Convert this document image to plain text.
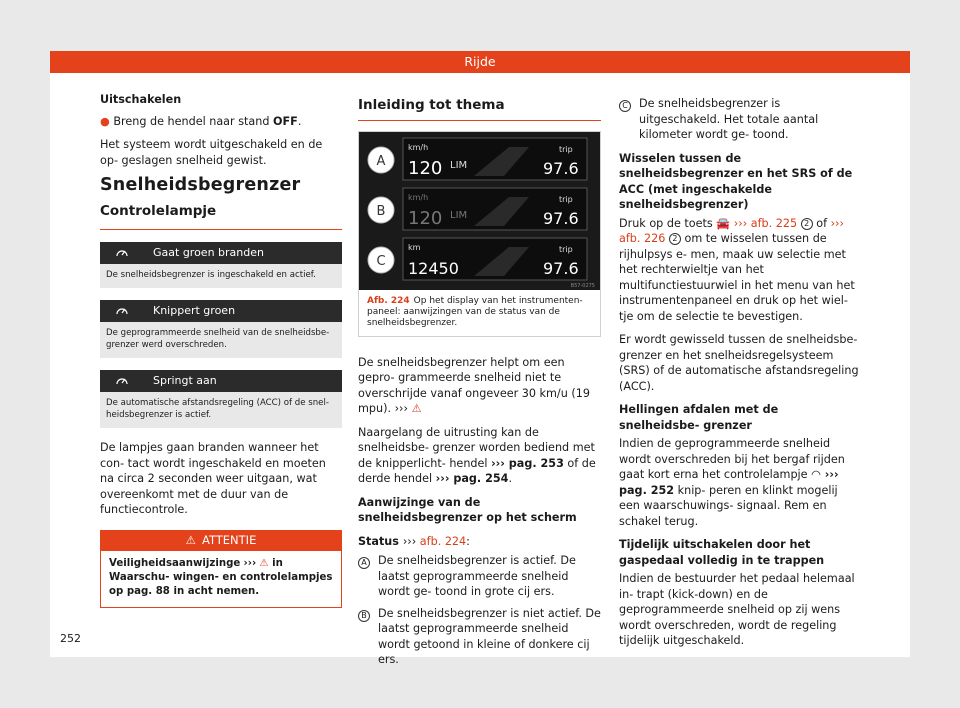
Rijde

Uitschakelen

● Breng de hendel naar stand OFF.

Het systeem wordt uitgeschakeld en de op- geslagen snelheid gewist.

Snelheidsbegrenzer
Controlelampje
Gaat groen branden
De snelheidsbegrenzer is ingeschakeld en actief.
Knippert groen
De geprogrammeerde snelheid van de snelheidsbe- grenzer werd overschreden.
Springt aan
De automatische afstandsregeling (ACC) of de snel- heidsbegrenzer is actief.

De lampjes gaan branden wanneer het con- tact wordt ingeschakeld en moeten na circa 2 seconden weer uitgaan, wat overeenkomt met de duur van de functiecontrole.

⚠ ATTENTIE
Veiligheidsaanwijzinge ››› ⚠ in Waarschu- wingen- en controlelampjes op pag. 88 in acht nemen.
252
Inleiding tot thema
A
km/h
120 LIM
trip
97.6
B
km/h
120 LIM
trip
97.6
C
km
12450
trip
97.6
B57-0275
Afb. 224 Op het display van het instrumenten- paneel: aanwijzingen van de status van de snelheidsbegrenzer.

De snelheidsbegrenzer helpt om een gepro- grammeerde snelheid niet te overschrijde vanaf ongeveer 30 km/u (19 mpu). ››› ⚠

Naargelang de uitrusting kan de snelheidsbe- grenzer worden bediend met de knipperlicht- hendel ››› pag. 253 of de derde hendel ››› pag. 254.

Aanwijzinge van de snelheidsbegrenzer op het scherm

Status ››› afb. 224:

A	De snelheidsbegrenzer is actief. De laatst geprogrammeerde snelheid wordt ge- toond in grote cij ers.
B	De snelheidsbegrenzer is niet actief. De laatst geprogrammeerde snelheid wordt getoond in kleine of donkere cij ers.
C	De snelheidsbegrenzer is uitgeschakeld. Het totale aantal kilometer wordt ge- toond.

Wisselen tussen de snelheidsbegrenzer en het SRS of de ACC (met ingeschakelde snelheidsbegrenzer)

Druk op de toets 🚘 ››› afb. 225 2 of ››› afb. 226 2 om te wisselen tussen de rijhulpsys e- men, maak uw selectie met het rechterwieltje van het multifunctiestuurwiel in het menu van het instrumentenpaneel en druk op het wiel- tje om de selectie te bevestigen.

Er wordt gewisseld tussen de snelheidsbe- grenzer en het snelheidsregelsysteem (SRS) of de automatische afstandsregeling (ACC).

Hellingen afdalen met de snelheidsbe- grenzer

Indien de geprogrammeerde snelheid wordt overschreden bij het bergaf rijden gaat kort erna het controlelampje ◠ ››› pag. 252 knip- peren en klinkt mogelij een waarschuwings- signaal. Rem en schakel terug.

Tijdelijk uitschakelen door het gaspedaal volledig in te trappen

Indien de bestuurder het pedaal helemaal in- trapt (kick-down) en de geprogrammeerde snelheid op zij wens wordt overschreden, wordt de regeling tijdelijk uitgeschakeld.
